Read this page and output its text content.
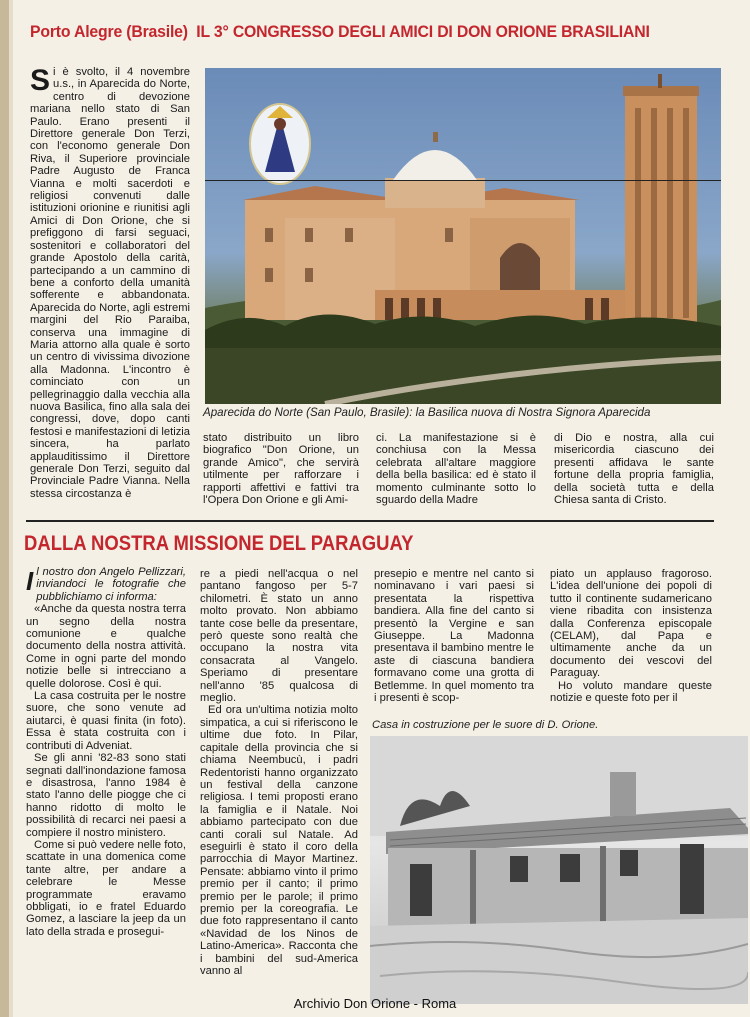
Porto Alegre (Brasile) IL 3° CONGRESSO DEGLI AMICI DI DON ORIONE BRASILIANI
Si è svolto, il 4 novembre u.s., in Aparecida do Norte, centro di devozione mariana nello stato di San Paulo. Erano presenti il Direttore generale Don Terzi, con l'economo generale Don Riva, il Superiore provinciale Padre Augusto de Franca Vianna e molti sacerdoti e religiosi convenuti dalle istituzioni orionine e riunitisi agli Amici di Don Orione, che si prefiggono di farsi seguaci, sostenitori e collaboratori del grande Apostolo della carità, partecipando a un cammino di bene a conforto della umanità sofferente e abbandonata. Aparecida do Norte, agli estremi margini del Rio Paraiba, conserva una immagine di Maria attorno alla quale è sorto un centro di vivissima divozione alla Madonna. L'incontro è cominciato con un pellegrinaggio dalla vecchia alla nuova Basilica, fino alla sala dei congressi, dove, dopo canti festosi e manifestazioni di letizia sincera, ha parlato applauditissimo il Direttore generale Don Terzi, seguito dal Provinciale Padre Vianna. Nella stessa circostanza è
Aparecida do Norte (San Paulo, Brasile): la Basilica nuova di Nostra Signora Aparecida
stato distribuito un libro biografico "Don Orione, un grande Amico", che servirà utilmente per rafforzare i rapporti affettivi e fattivi tra l'Opera Don Orione e gli Ami-
ci. La manifestazione si è conchiusa con la Messa celebrata all'altare maggiore della bella basilica: ed è stato il momento culminante sotto lo sguardo della Madre
di Dio e nostra, alla cui misericordia ciascuno dei presenti affidava le sante fortune della propria famiglia, della società tutta e della Chiesa santa di Cristo.
DALLA NOSTRA MISSIONE DEL PARAGUAY

Il nostro don Angelo Pellizzari, inviandoci le fotografie che pubblichiamo ci informa:

«Anche da questa nostra terra un segno della nostra comunione e qualche documento della nostra attività. Come in ogni parte del mondo notizie belle si intrecciano a quelle dolorose. Così è qui.

La casa costruita per le nostre suore, che sono venute ad aiutarci, è quasi finita (in foto). Essa è stata costruita con i contributi di Adveniat.

Se gli anni '82-83 sono stati segnati dall'inondazione famosa e disastrosa, l'anno 1984 è stato l'anno delle piogge che ci hanno ridotto di molto le possibilità di recarci nei paesi a compiere il nostro ministero.

Come si può vedere nelle foto, scattate in una domenica come tante altre, per andare a celebrare le Messe programmate eravamo obbligati, io e fratel Eduardo Gomez, a lasciare la jeep da un lato della strada e prosegui-

re a piedi nell'acqua o nel pantano fangoso per 5-7 chilometri. È stato un anno molto provato. Non abbiamo tante cose belle da presentare, però queste sono realtà che occupano la nostra vita consacrata al Vangelo. Speriamo di presentare nell'anno '85 qualcosa di meglio.

Ed ora un'ultima notizia molto simpatica, a cui si riferiscono le ultime due foto. In Pilar, capitale della provincia che si chiama Neembucù, i padri Redentoristi hanno organizzato un festival della canzone religiosa. I temi proposti erano la famiglia e il Natale. Noi abbiamo partecipato con due canti corali sul Natale. Ad eseguirli è stato il coro della parrocchia di Mayor Martinez. Pensate: abbiamo vinto il primo premio per il canto; il primo premio per le parole; il primo premio per la coreografia. Le due foto rappresentano il canto «Navidad de los Ninos de Latino-America». Racconta che i bambini del sud-America vanno al

presepio e mentre nel canto si nominavano i vari paesi si presentata la rispettiva bandiera. Alla fine del canto si presentò la Vergine e san Giuseppe. La Madonna presentava il bambino mentre le aste di ciascuna bandiera formavano come una grotta di Betlemme. In quel momento tra i presenti è scop-

piato un applauso fragoroso. L'idea dell'unione dei popoli di tutto il continente sudamericano viene ribadita con insistenza dalla Conferenza episcopale (CELAM), dal Papa e ultimamente anche da un documento dei vescovi del Paraguay.

Ho voluto mandare queste notizie e queste foto per il

Casa in costruzione per le suore di D. Orione.
Archivio Don Orione - Roma
